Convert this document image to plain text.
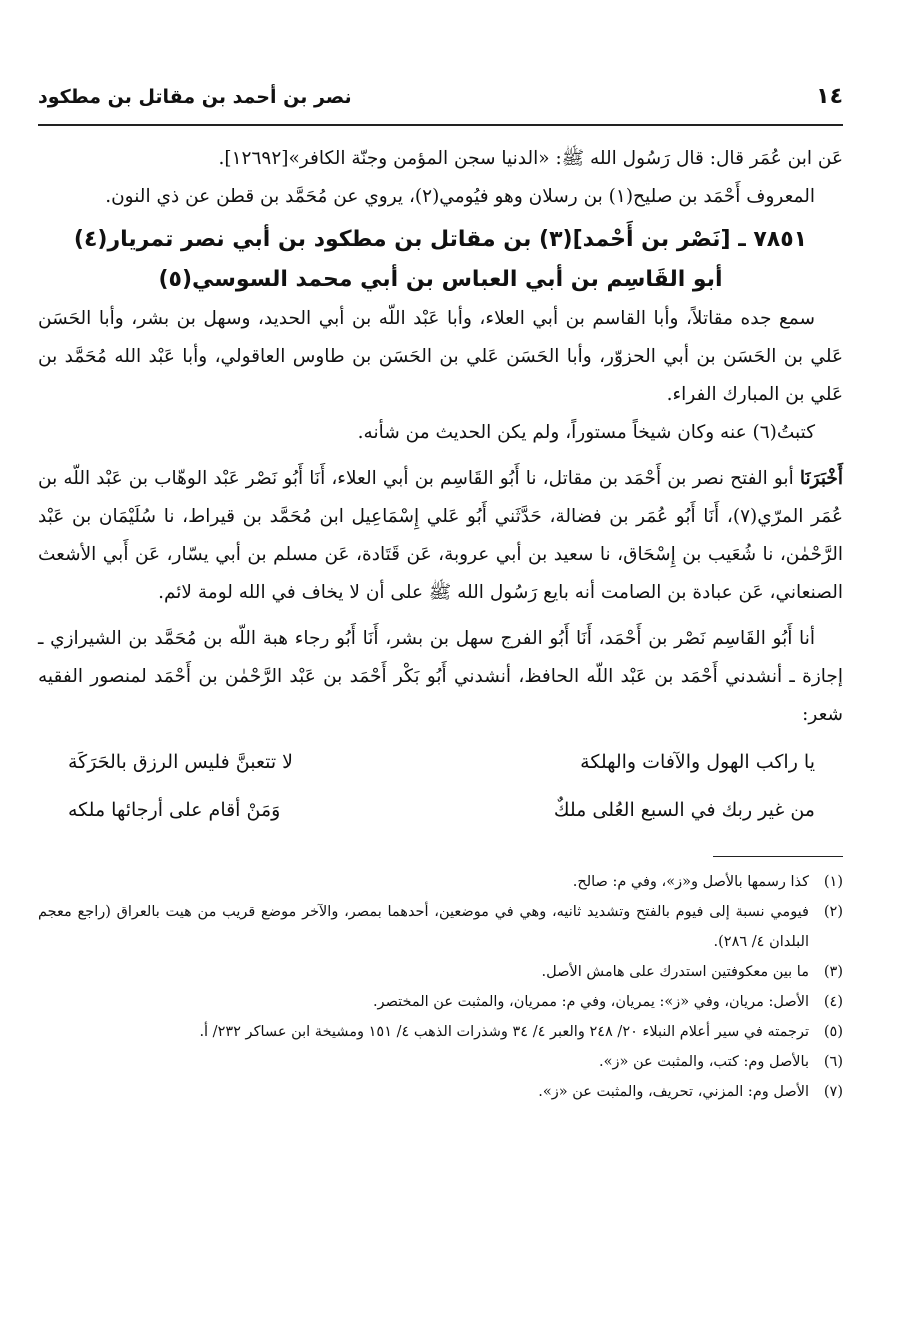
١٤
نصر بن أحمد بن مقاتل بن مطكود

عَن ابن عُمَر قال: قال رَسُول الله ﷺ: «الدنيا سجن المؤمن وجنّة الكافر»[١٢٦٩٢].

المعروف أَحْمَد بن صليح(١) بن رسلان وهو فيُومي(٢)، يروي عن مُحَمَّد بن قطن عن ذي النون.

٧٨٥١ ـ [نَصْر بن أَحْمد](٣) بن مقاتل بن مطكود بن أبي نصر تمريار(٤)
أبو القَاسِم بن أبي العباس بن أبي محمد السوسي(٥)

سمع جده مقاتلاً، وأبا القاسم بن أبي العلاء، وأبا عَبْد اللّه بن أبي الحديد، وسهل بن بشر، وأبا الحَسَن عَلي بن الحَسَن بن أبي الحزوّر، وأبا الحَسَن عَلي بن الحَسَن بن طاوس العاقولي، وأبا عَبْد الله مُحَمَّد بن عَلي بن المبارك الفراء.

كتبتُ(٦) عنه وكان شيخاً مستوراً، ولم يكن الحديث من شأنه.

أَخْبَرَنَا أبو الفتح نصر بن أَحْمَد بن مقاتل، نا أَبُو القَاسِم بن أبي العلاء، أَنَا أَبُو نَصْر عَبْد الوهّاب بن عَبْد اللّه بن عُمَر المرّي(٧)، أَنَا أَبُو عُمَر بن فضالة، حَدَّثَني أَبُو عَلي إِسْمَاعِيل ابن مُحَمَّد بن قيراط، نا سُلَيْمَان بن عَبْد الرَّحْمٰن، نا شُعَيب بن إِسْحَاق، نا سعيد بن أبي عروبة، عَن قَتَادة، عَن مسلم بن أبي يسّار، عَن أَبي الأشعث الصنعاني، عَن عبادة بن الصامت أنه بايع رَسُول الله ﷺ على أن لا يخاف في الله لومة لائم.

أنا أَبُو القَاسِم نَصْر بن أَحْمَد، أَنَا أَبُو الفرج سهل بن بشر، أَنَا أَبُو رجاء هبة اللّه بن مُحَمَّد بن الشيرازي ـ إجازة ـ أنشدني أَحْمَد بن عَبْد اللّه الحافظ، أنشدني أَبُو بَكْر أَحْمَد بن عَبْد الرَّحْمٰن بن أَحْمَد لمنصور الفقيه شعر:

يا راكب الهول والآفات والهلكة
لا تتعبنَّ فليس الرزق بالحَرَكَة
من غير ربك في السبع العُلى ملكٌ
وَمَنْ أقام على أرجائها ملكه
(١)
كذا رسمها بالأصل و«ز»، وفي م: صالح.
(٢)
فيومي نسبة إلى فيوم بالفتح وتشديد ثانيه، وهي في موضعين، أحدهما بمصر، والآخر موضع قريب من هيت بالعراق (راجع معجم البلدان ٤/ ٢٨٦).
(٣)
ما بين معكوفتين استدرك على هامش الأصل.
(٤)
الأصل: مريان، وفي «ز»: يمريان، وفي م: ممريان، والمثبت عن المختصر.
(٥)
ترجمته في سير أعلام النبلاء ٢٠/ ٢٤٨ والعبر ٤/ ٣٤ وشذرات الذهب ٤/ ١٥١ ومشيخة ابن عساكر ٢٣٢/ أ.
(٦)
بالأصل وم: كتب، والمثبت عن «ز».
(٧)
الأصل وم: المزني، تحريف، والمثبت عن «ز».
